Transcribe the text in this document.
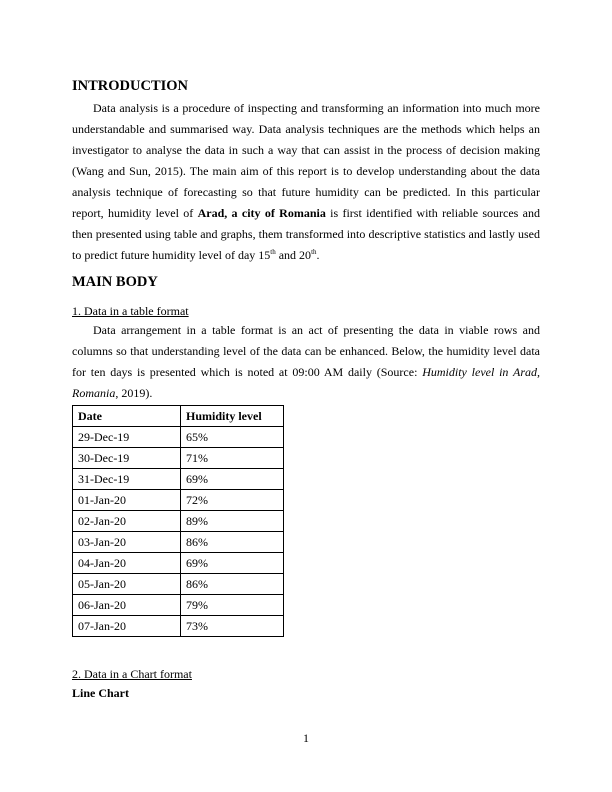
INTRODUCTION

Data analysis is a procedure of inspecting and transforming an information into much more understandable and summarised way. Data analysis techniques are the methods which helps an investigator to analyse the data in such a way that can assist in the process of decision making (Wang and Sun, 2015). The main aim of this report is to develop understanding about the data analysis technique of forecasting so that future humidity can be predicted. In this particular report, humidity level of Arad, a city of Romania is first identified with reliable sources and then presented using table and graphs, them transformed into descriptive statistics and lastly used to predict future humidity level of day 15th and 20th.

MAIN BODY
1. Data in a table format

Data arrangement in a table format is an act of presenting the data in viable rows and columns so that understanding level of the data can be enhanced. Below, the humidity level data for ten days is presented which is noted at 09:00 AM daily (Source: Humidity level in Arad, Romania, 2019).

Date	Humidity level
29-Dec-19	65%
30-Dec-19	71%
31-Dec-19	69%
01-Jan-20	72%
02-Jan-20	89%
03-Jan-20	86%
04-Jan-20	69%
05-Jan-20	86%
06-Jan-20	79%
07-Jan-20	73%
2. Data in a Chart format
Line Chart
1
